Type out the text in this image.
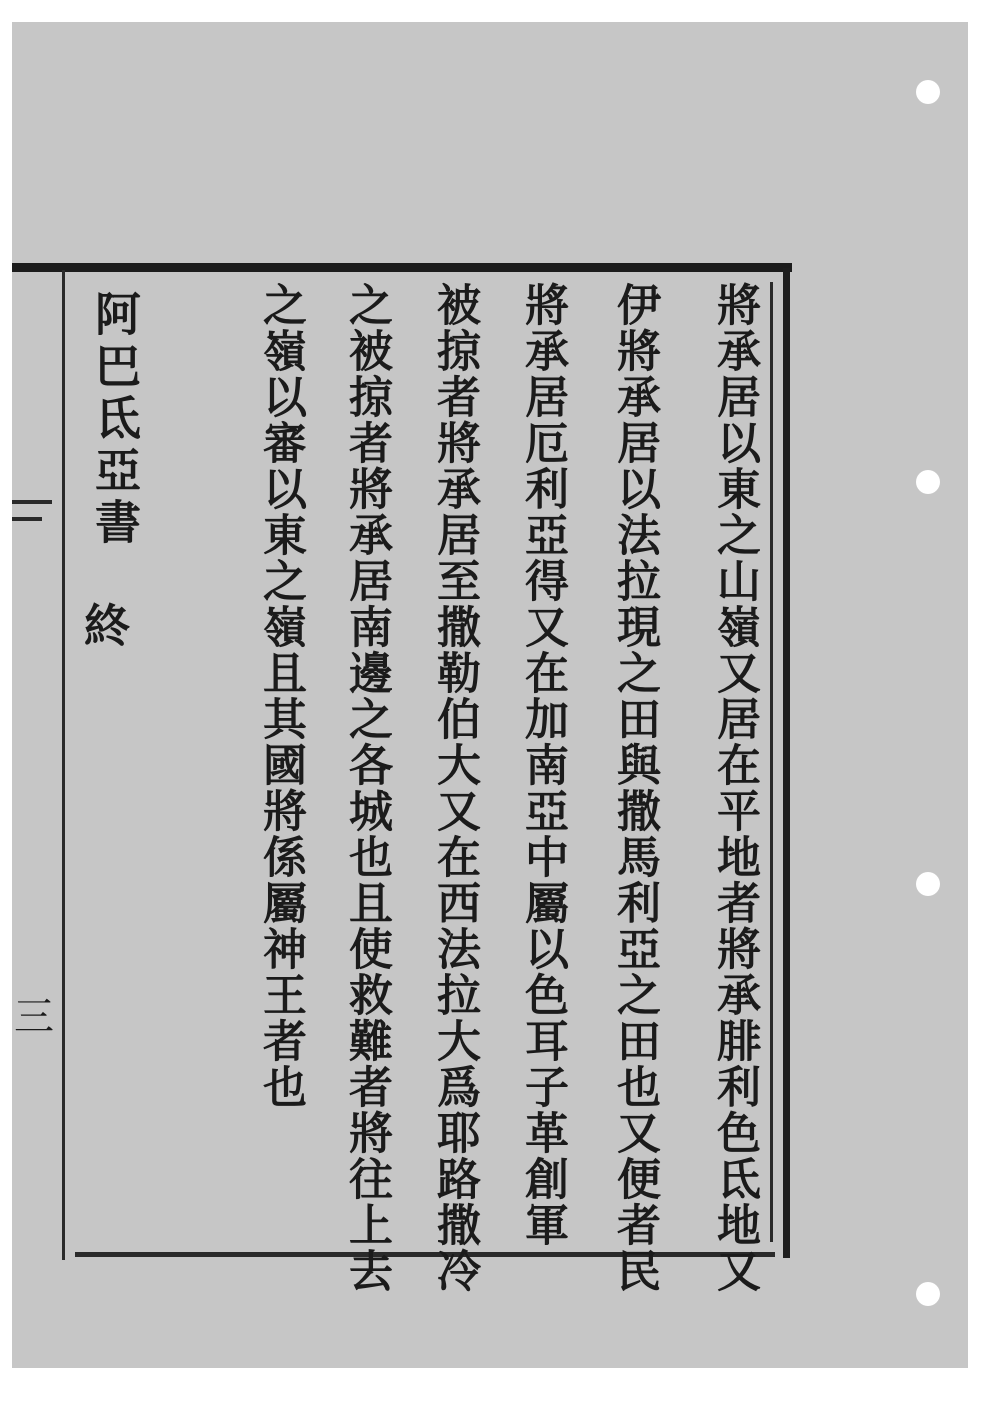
三	將承居以東之山嶺又居在平地者將承腓利色氐地又
伊將承居以法拉現之田與撒馬利亞之田也又便者民
將承居厄利亞得又在加南亞中屬以色耳子革創軍
被掠者將承居至撒勒伯大又在西法拉大爲耶路撒冷
之被掠者將承居南邊之各城也且使救難者將往上去
之嶺以審以東之嶺且其國將係屬神王者也
阿巴氐亞書
終
